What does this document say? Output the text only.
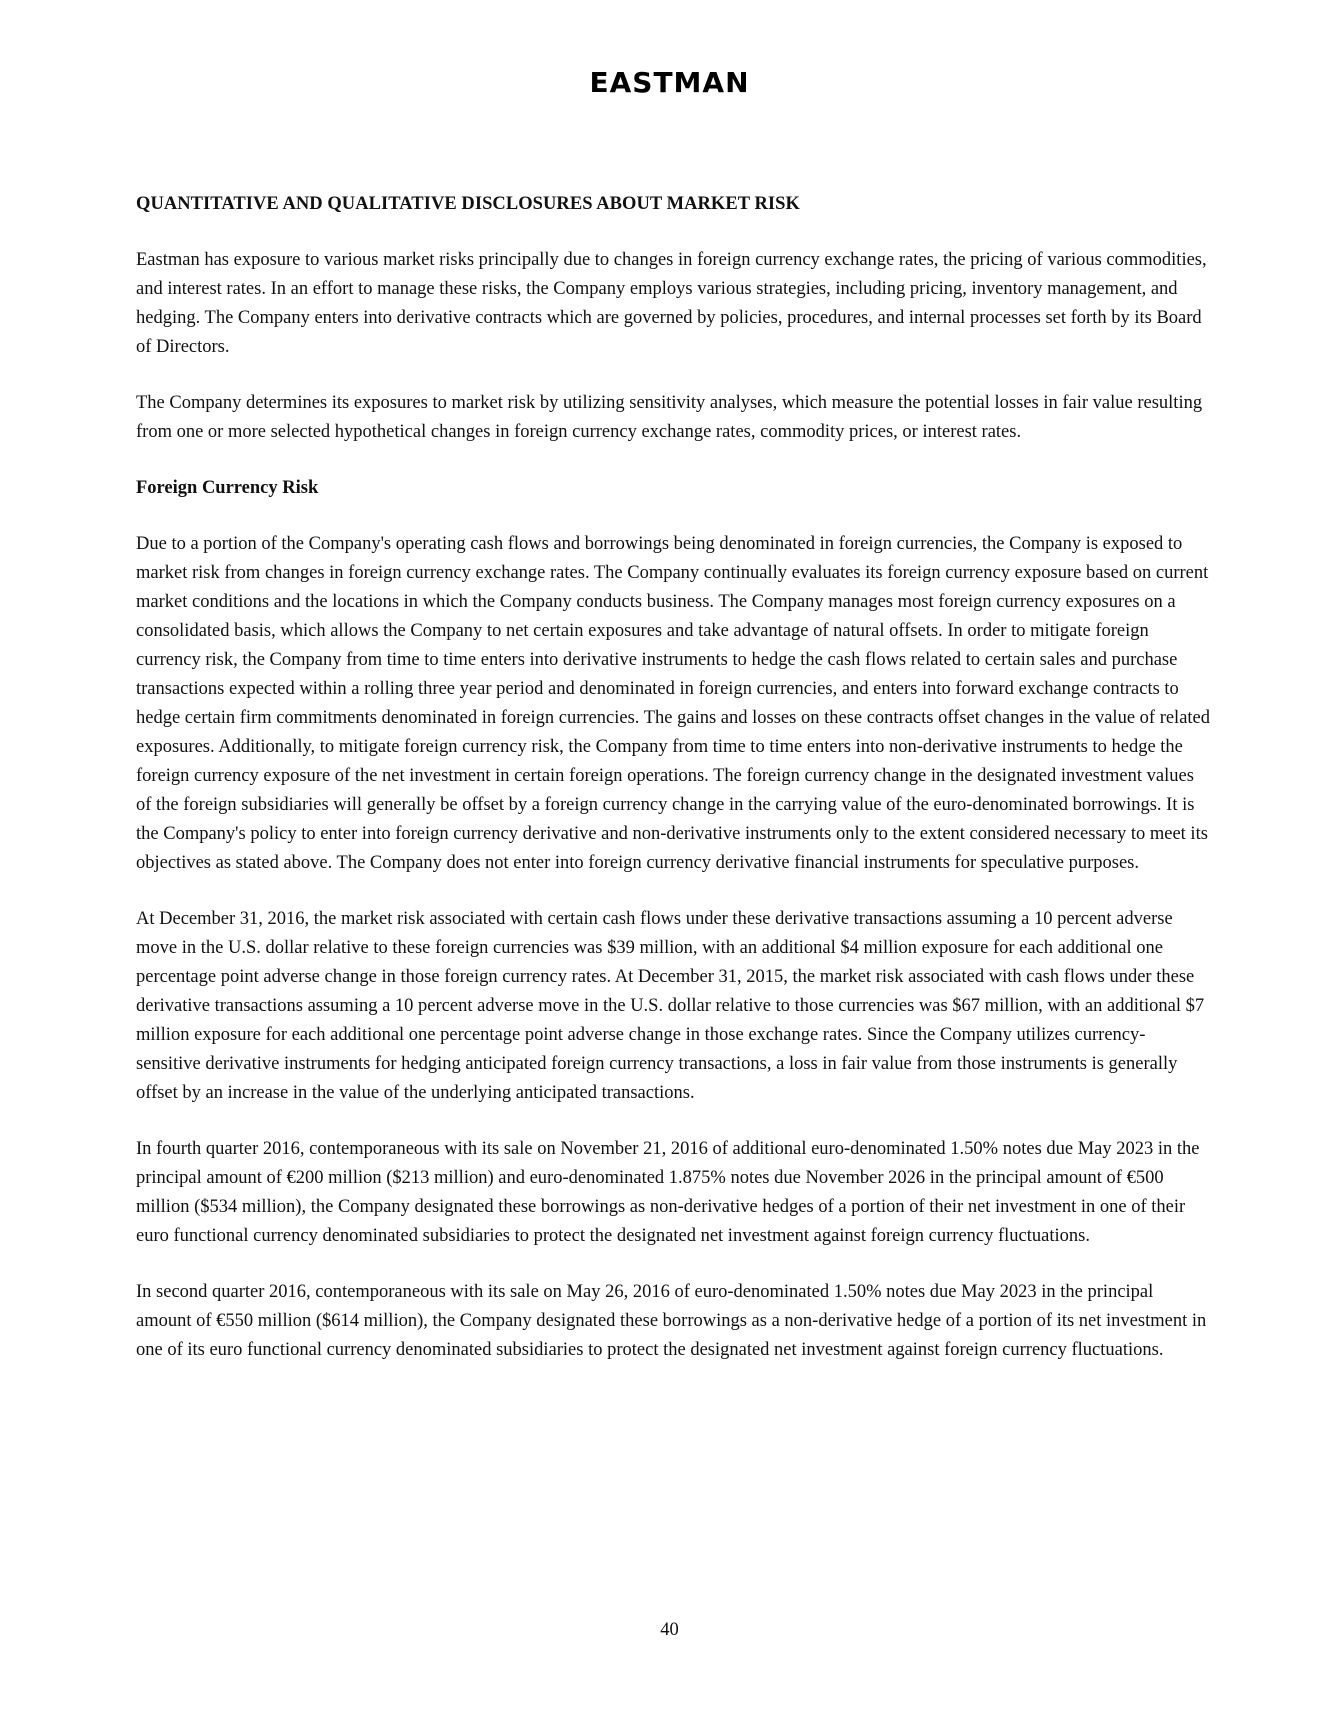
EASTMAN
QUANTITATIVE AND QUALITATIVE DISCLOSURES ABOUT MARKET RISK

Eastman has exposure to various market risks principally due to changes in foreign currency exchange rates, the pricing of various commodities, and interest rates. In an effort to manage these risks, the Company employs various strategies, including pricing, inventory management, and hedging. The Company enters into derivative contracts which are governed by policies, procedures, and internal processes set forth by its Board of Directors.

The Company determines its exposures to market risk by utilizing sensitivity analyses, which measure the potential losses in fair value resulting from one or more selected hypothetical changes in foreign currency exchange rates, commodity prices, or interest rates.

Foreign Currency Risk

Due to a portion of the Company's operating cash flows and borrowings being denominated in foreign currencies, the Company is exposed to market risk from changes in foreign currency exchange rates. The Company continually evaluates its foreign currency exposure based on current market conditions and the locations in which the Company conducts business. The Company manages most foreign currency exposures on a consolidated basis, which allows the Company to net certain exposures and take advantage of natural offsets. In order to mitigate foreign currency risk, the Company from time to time enters into derivative instruments to hedge the cash flows related to certain sales and purchase transactions expected within a rolling three year period and denominated in foreign currencies, and enters into forward exchange contracts to hedge certain firm commitments denominated in foreign currencies. The gains and losses on these contracts offset changes in the value of related exposures. Additionally, to mitigate foreign currency risk, the Company from time to time enters into non-derivative instruments to hedge the foreign currency exposure of the net investment in certain foreign operations. The foreign currency change in the designated investment values of the foreign subsidiaries will generally be offset by a foreign currency change in the carrying value of the euro-denominated borrowings. It is the Company's policy to enter into foreign currency derivative and non-derivative instruments only to the extent considered necessary to meet its objectives as stated above. The Company does not enter into foreign currency derivative financial instruments for speculative purposes.

At December 31, 2016, the market risk associated with certain cash flows under these derivative transactions assuming a 10 percent adverse move in the U.S. dollar relative to these foreign currencies was $39 million, with an additional $4 million exposure for each additional one percentage point adverse change in those foreign currency rates. At December 31, 2015, the market risk associated with cash flows under these derivative transactions assuming a 10 percent adverse move in the U.S. dollar relative to those currencies was $67 million, with an additional $7 million exposure for each additional one percentage point adverse change in those exchange rates. Since the Company utilizes currency-sensitive derivative instruments for hedging anticipated foreign currency transactions, a loss in fair value from those instruments is generally offset by an increase in the value of the underlying anticipated transactions.

In fourth quarter 2016, contemporaneous with its sale on November 21, 2016 of additional euro-denominated 1.50% notes due May 2023 in the principal amount of €200 million ($213 million) and euro-denominated 1.875% notes due November 2026 in the principal amount of €500 million ($534 million), the Company designated these borrowings as non-derivative hedges of a portion of their net investment in one of their euro functional currency denominated subsidiaries to protect the designated net investment against foreign currency fluctuations.

In second quarter 2016, contemporaneous with its sale on May 26, 2016 of euro-denominated 1.50% notes due May 2023 in the principal amount of €550 million ($614 million), the Company designated these borrowings as a non-derivative hedge of a portion of its net investment in one of its euro functional currency denominated subsidiaries to protect the designated net investment against foreign currency fluctuations.

40
